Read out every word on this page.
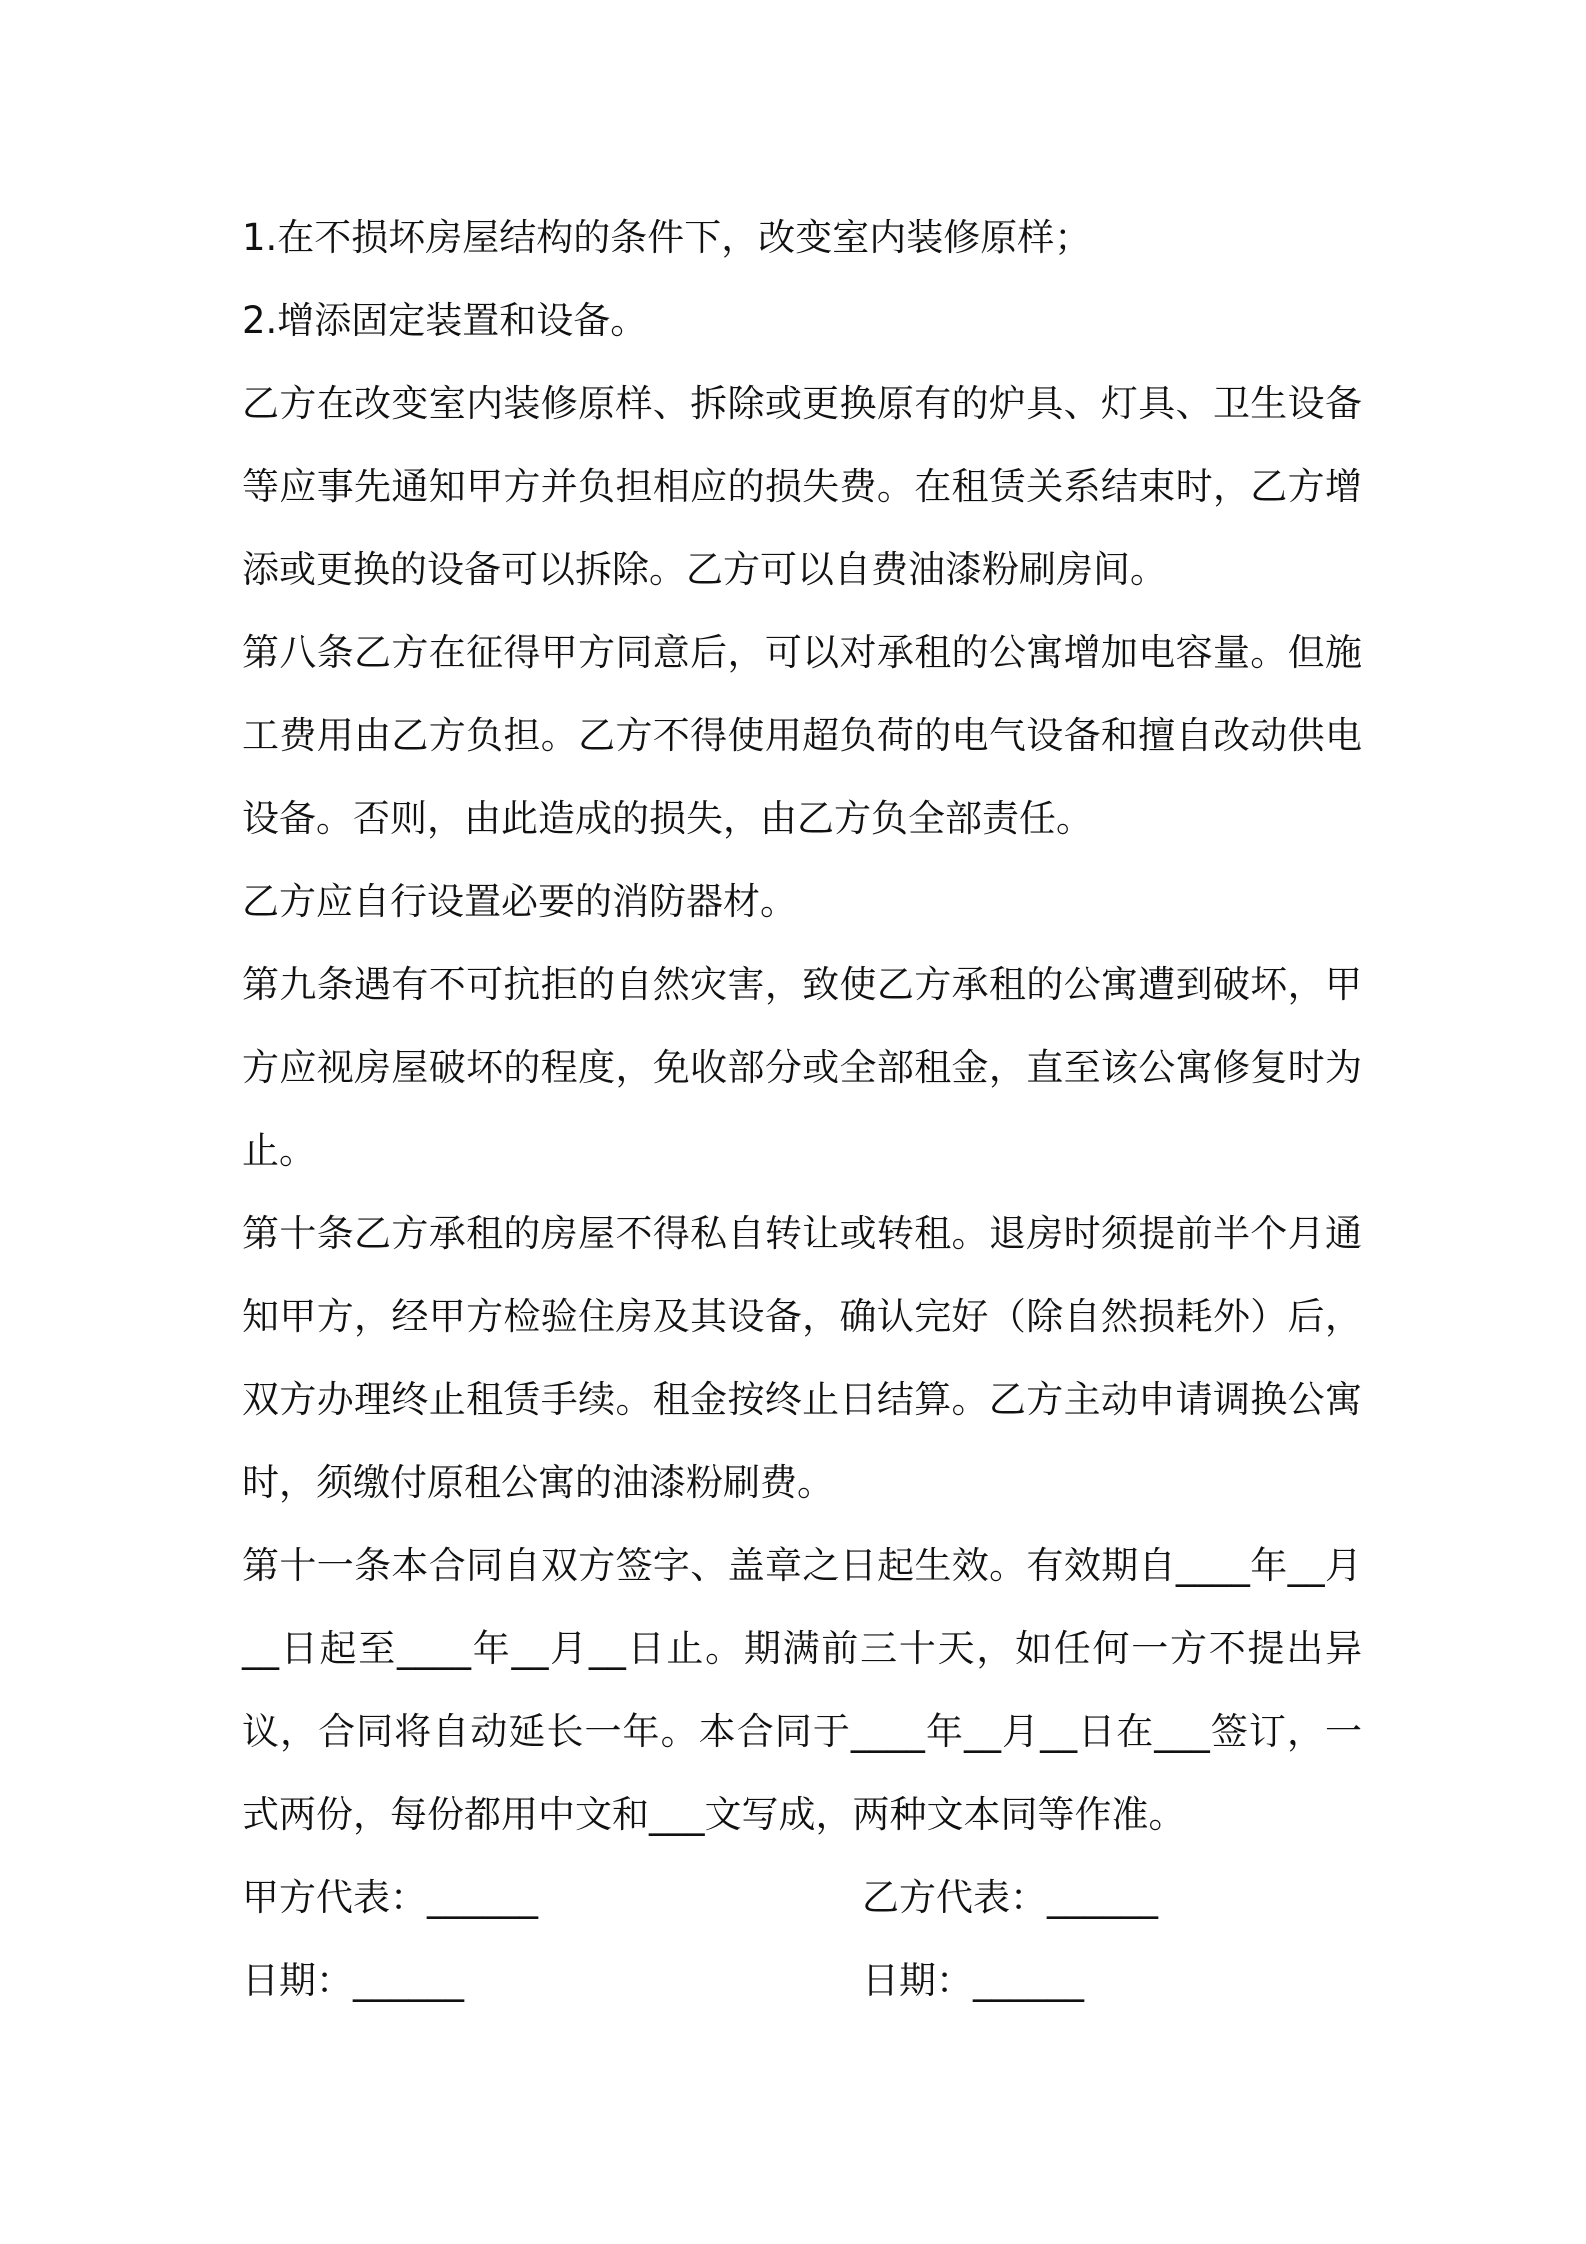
1.在不损坏房屋结构的条件下，改变室内装修原样；

2.增添固定装置和设备。

乙方在改变室内装修原样、拆除或更换原有的炉具、灯具、卫生设备等应事先通知甲方并负担相应的损失费。在租赁关系结束时，乙方增添或更换的设备可以拆除。乙方可以自费油漆粉刷房间。

第八条乙方在征得甲方同意后，可以对承租的公寓增加电容量。但施工费用由乙方负担。乙方不得使用超负荷的电气设备和擅自改动供电设备。否则，由此造成的损失，由乙方负全部责任。

乙方应自行设置必要的消防器材。

第九条遇有不可抗拒的自然灾害，致使乙方承租的公寓遭到破坏，甲方应视房屋破坏的程度，免收部分或全部租金，直至该公寓修复时为止。

第十条乙方承租的房屋不得私自转让或转租。退房时须提前半个月通知甲方，经甲方检验住房及其设备，确认完好（除自然损耗外）后，双方办理终止租赁手续。租金按终止日结算。乙方主动申请调换公寓时，须缴付原租公寓的油漆粉刷费。

第十一条本合同自双方签字、盖章之日起生效。有效期自____年__月__日起至____年__月__日止。期满前三十天，如任何一方不提出异议，合同将自动延长一年。本合同于____年__月__日在___签订，一式两份，每份都用中文和___文写成，两种文本同等作准。

甲方代表：______	乙方代表：______
日期：______	日期：______
